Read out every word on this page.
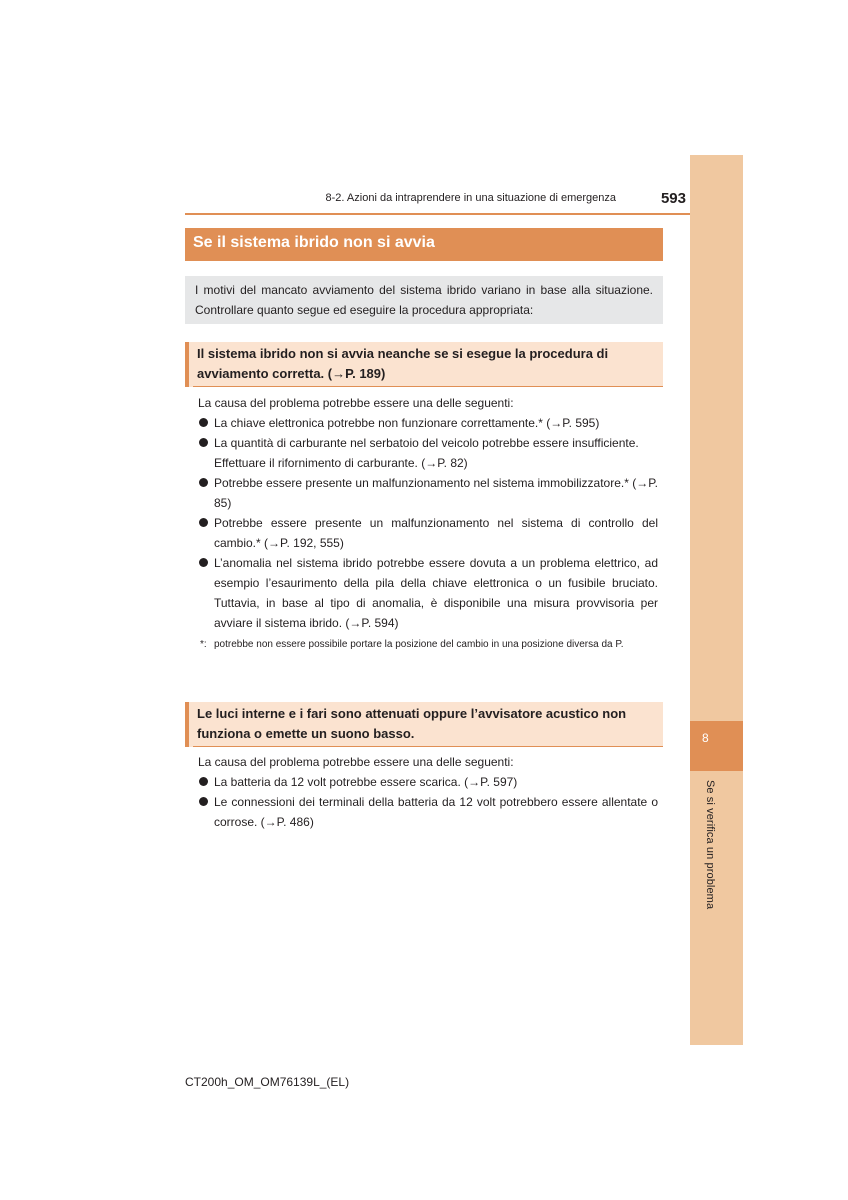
8
Se si verifica un problema
8-2. Azioni da intraprendere in una situazione di emergenza	593
Se il sistema ibrido non si avvia
I motivi del mancato avviamento del sistema ibrido variano in base alla situazione. Controllare quanto segue ed eseguire la procedura appropriata:
Il sistema ibrido non si avvia neanche se si esegue la procedura di avviamento corretta. (→P. 189)

La causa del problema potrebbe essere una delle seguenti:

La chiave elettronica potrebbe non funzionare correttamente.* (→P. 595)
La quantità di carburante nel serbatoio del veicolo potrebbe essere insufficiente.
Effettuare il rifornimento di carburante. (→P. 82)
Potrebbe essere presente un malfunzionamento nel sistema immobilizzatore.* (→P. 85)
Potrebbe essere presente un malfunzionamento nel sistema di controllo del cambio.* (→P. 192, 555)
L’anomalia nel sistema ibrido potrebbe essere dovuta a un problema elettrico, ad esempio l’esaurimento della pila della chiave elettronica o un fusibile bruciato. Tuttavia, in base al tipo di anomalia, è disponibile una misura provvisoria per avviare il sistema ibrido. (→P. 594)
*: potrebbe non essere possibile portare la posizione del cambio in una posizione diversa da P.
Le luci interne e i fari sono attenuati oppure l’avvisatore acustico non funziona o emette un suono basso.

La causa del problema potrebbe essere una delle seguenti:

La batteria da 12 volt potrebbe essere scarica. (→P. 597)
Le connessioni dei terminali della batteria da 12 volt potrebbero essere allentate o corrose. (→P. 486)
CT200h_OM_OM76139L_(EL)
